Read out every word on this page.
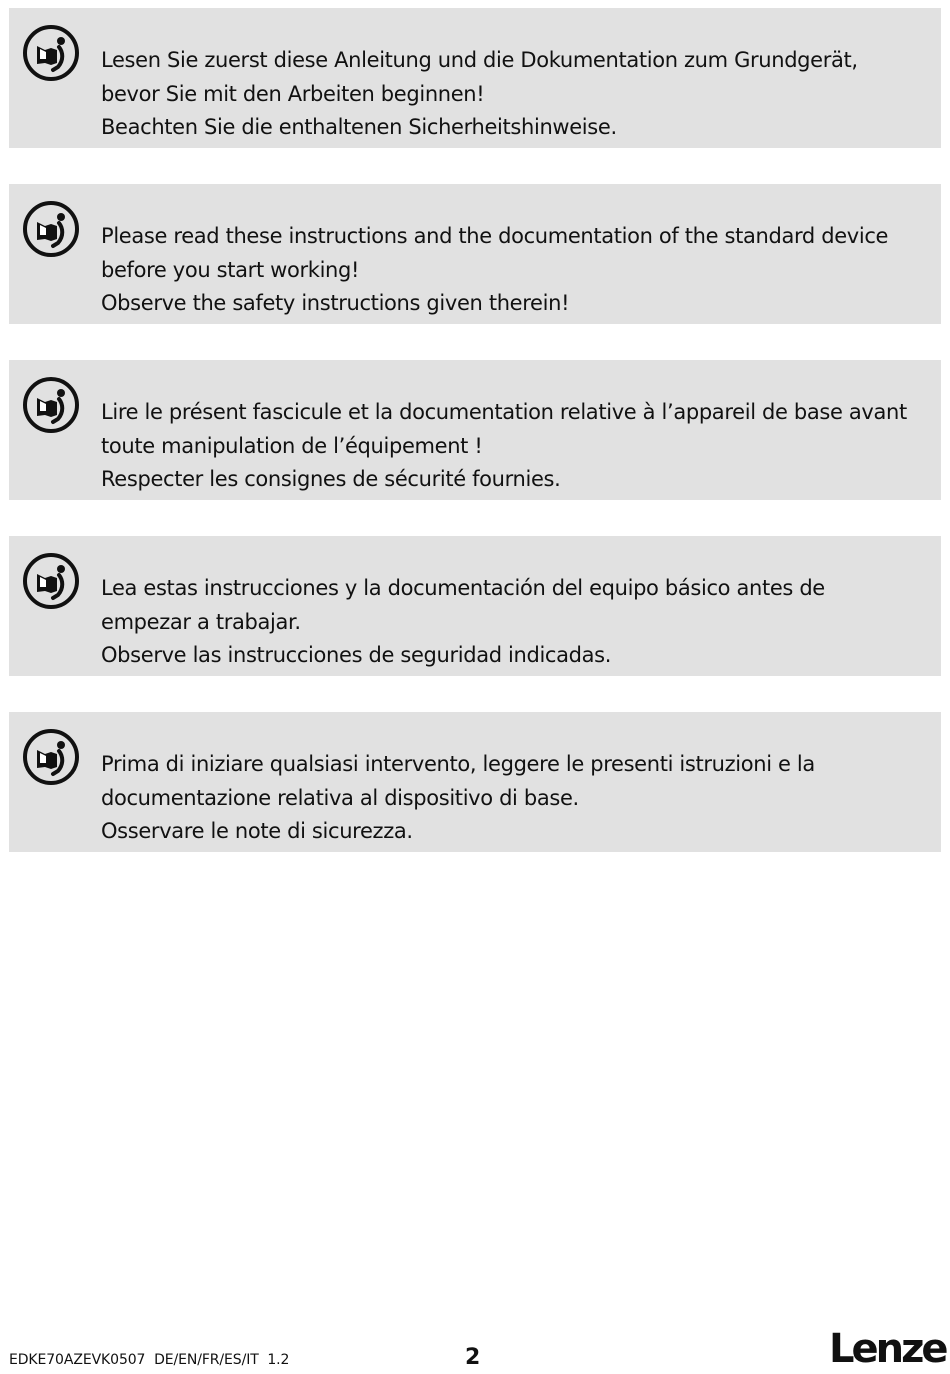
Lesen Sie zuerst diese Anleitung und die Dokumentation zum Grundgerät,
bevor Sie mit den Arbeiten beginnen!
Beachten Sie die enthaltenen Sicherheitshinweise.
Please read these instructions and the documentation of the standard device
before you start working!
Observe the safety instructions given therein!
Lire le présent fascicule et la documentation relative à l’appareil de base avant
toute manipulation de l’équipement !
Respecter les consignes de sécurité fournies.
Lea estas instrucciones y la documentación del equipo básico antes de
empezar a trabajar.
Observe las instrucciones de seguridad indicadas.
Prima di iniziare qualsiasi intervento, leggere le presenti istruzioni e la
documentazione relativa al dispositivo di base.
Osservare le note di sicurezza.
EDKE70AZEVK0507  DE/EN/FR/ES/IT  1.2	2	Lenze
